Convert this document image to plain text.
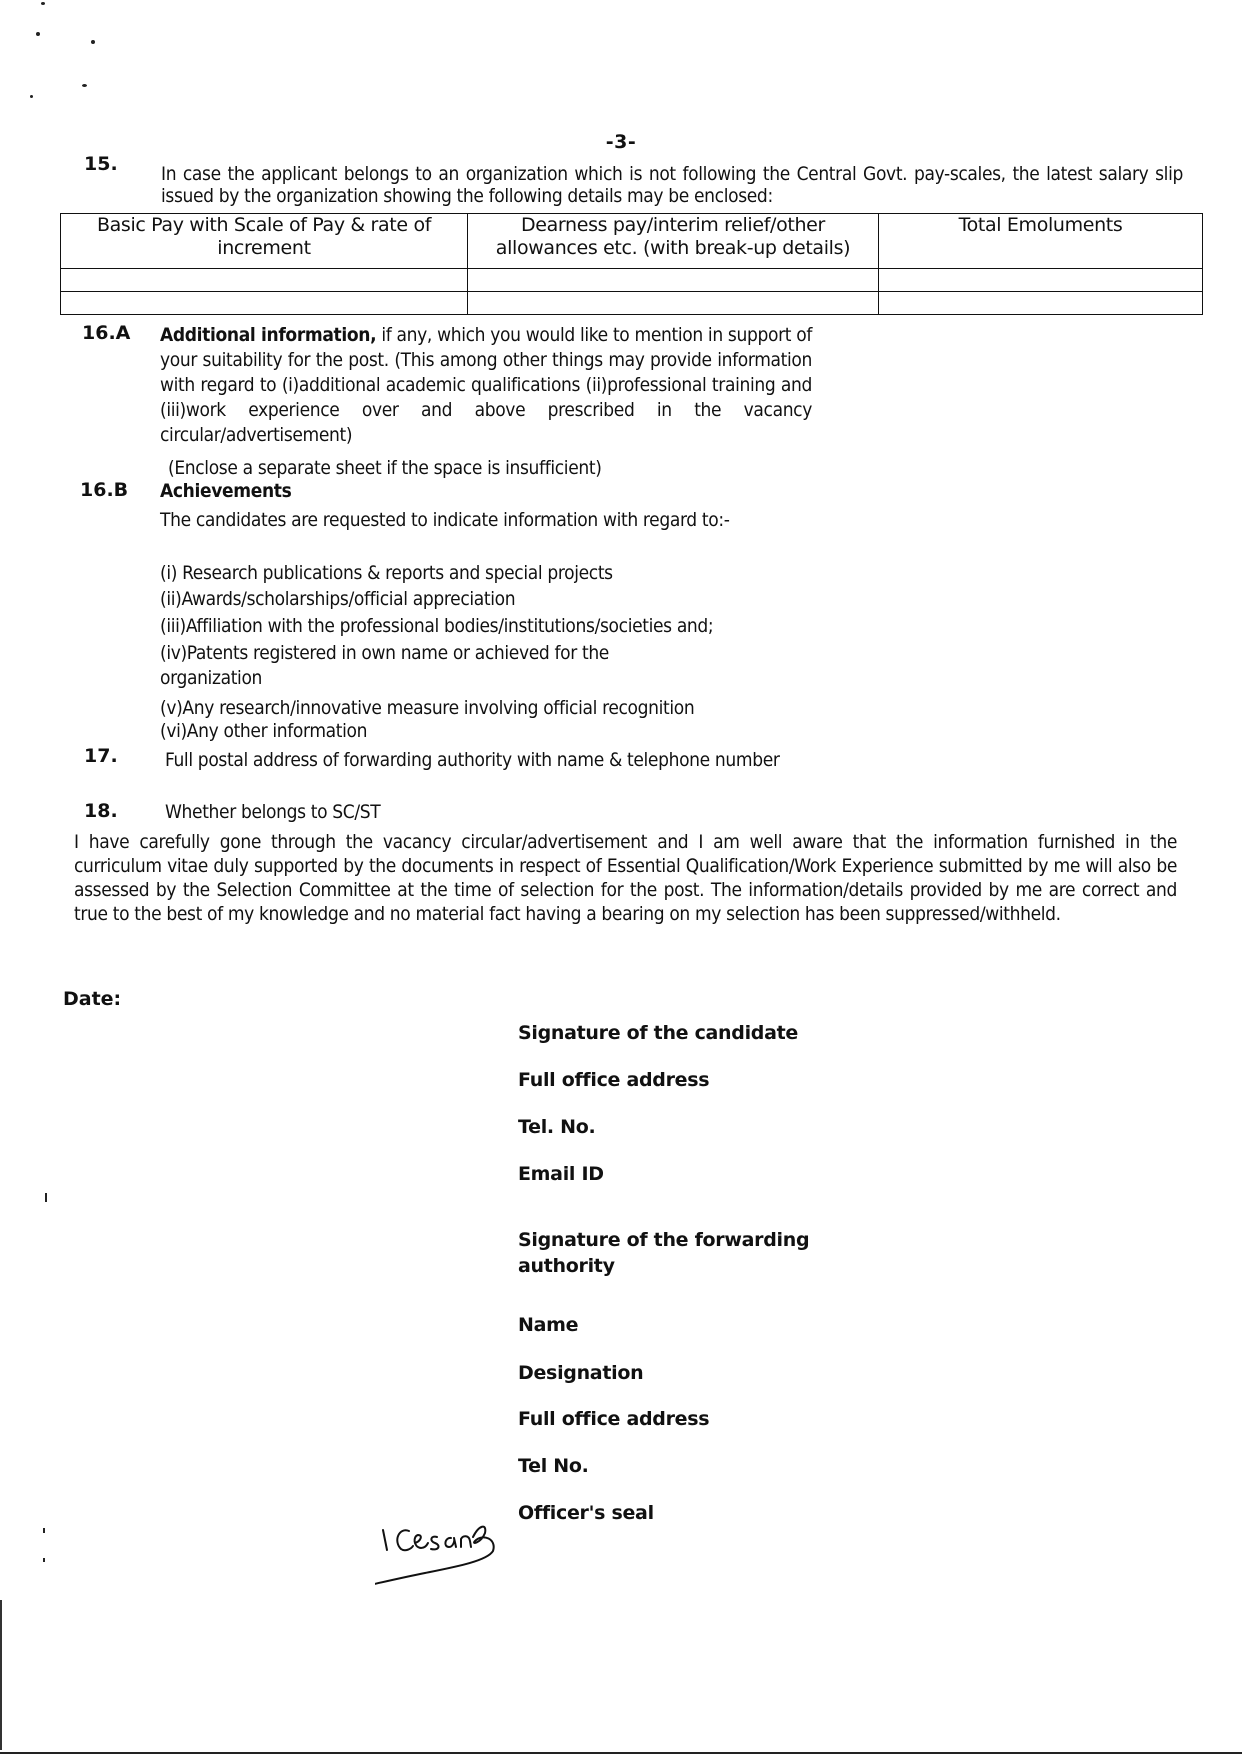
-3-
15. In case the applicant belongs to an organization which is not following the Central Govt. pay-scales, the latest salary slip issued by the organization showing the following details may be enclosed:
Basic Pay with Scale of Pay & rate of increment	Dearness pay/interim relief/other allowances etc. (with break-up details)	Total Emoluments

16.A Additional information, if any, which you would like to mention in support of your suitability for the post. (This among other things may provide information with regard to (i)additional academic qualifications (ii)professional training and (iii)work experience over and above prescribed in the vacancy circular/advertisement)
(Enclose a separate sheet if the space is insufficient)
16.B Achievements
The candidates are requested to indicate information with regard to:-
(i) Research publications & reports and special projects
(ii)Awards/scholarships/official appreciation
(iii)Affiliation with the professional bodies/institutions/societies and;
(iv)Patents registered in own name or achieved for the organization
(v)Any research/innovative measure involving official recognition
(vi)Any other information
17. Full postal address of forwarding authority with name & telephone number
18. Whether belongs to SC/ST
I have carefully gone through the vacancy circular/advertisement and I am well aware that the information furnished in the curriculum vitae duly supported by the documents in respect of Essential Qualification/Work Experience submitted by me will also be assessed by the Selection Committee at the time of selection for the post. The information/details provided by me are correct and true to the best of my knowledge and no material fact having a bearing on my selection has been suppressed/withheld.
Date:
Signature of the candidate
Full office address
Tel. No.
Email ID
Signature of the forwarding authority
Name
Designation
Full office address
Tel No.
Officer's seal
